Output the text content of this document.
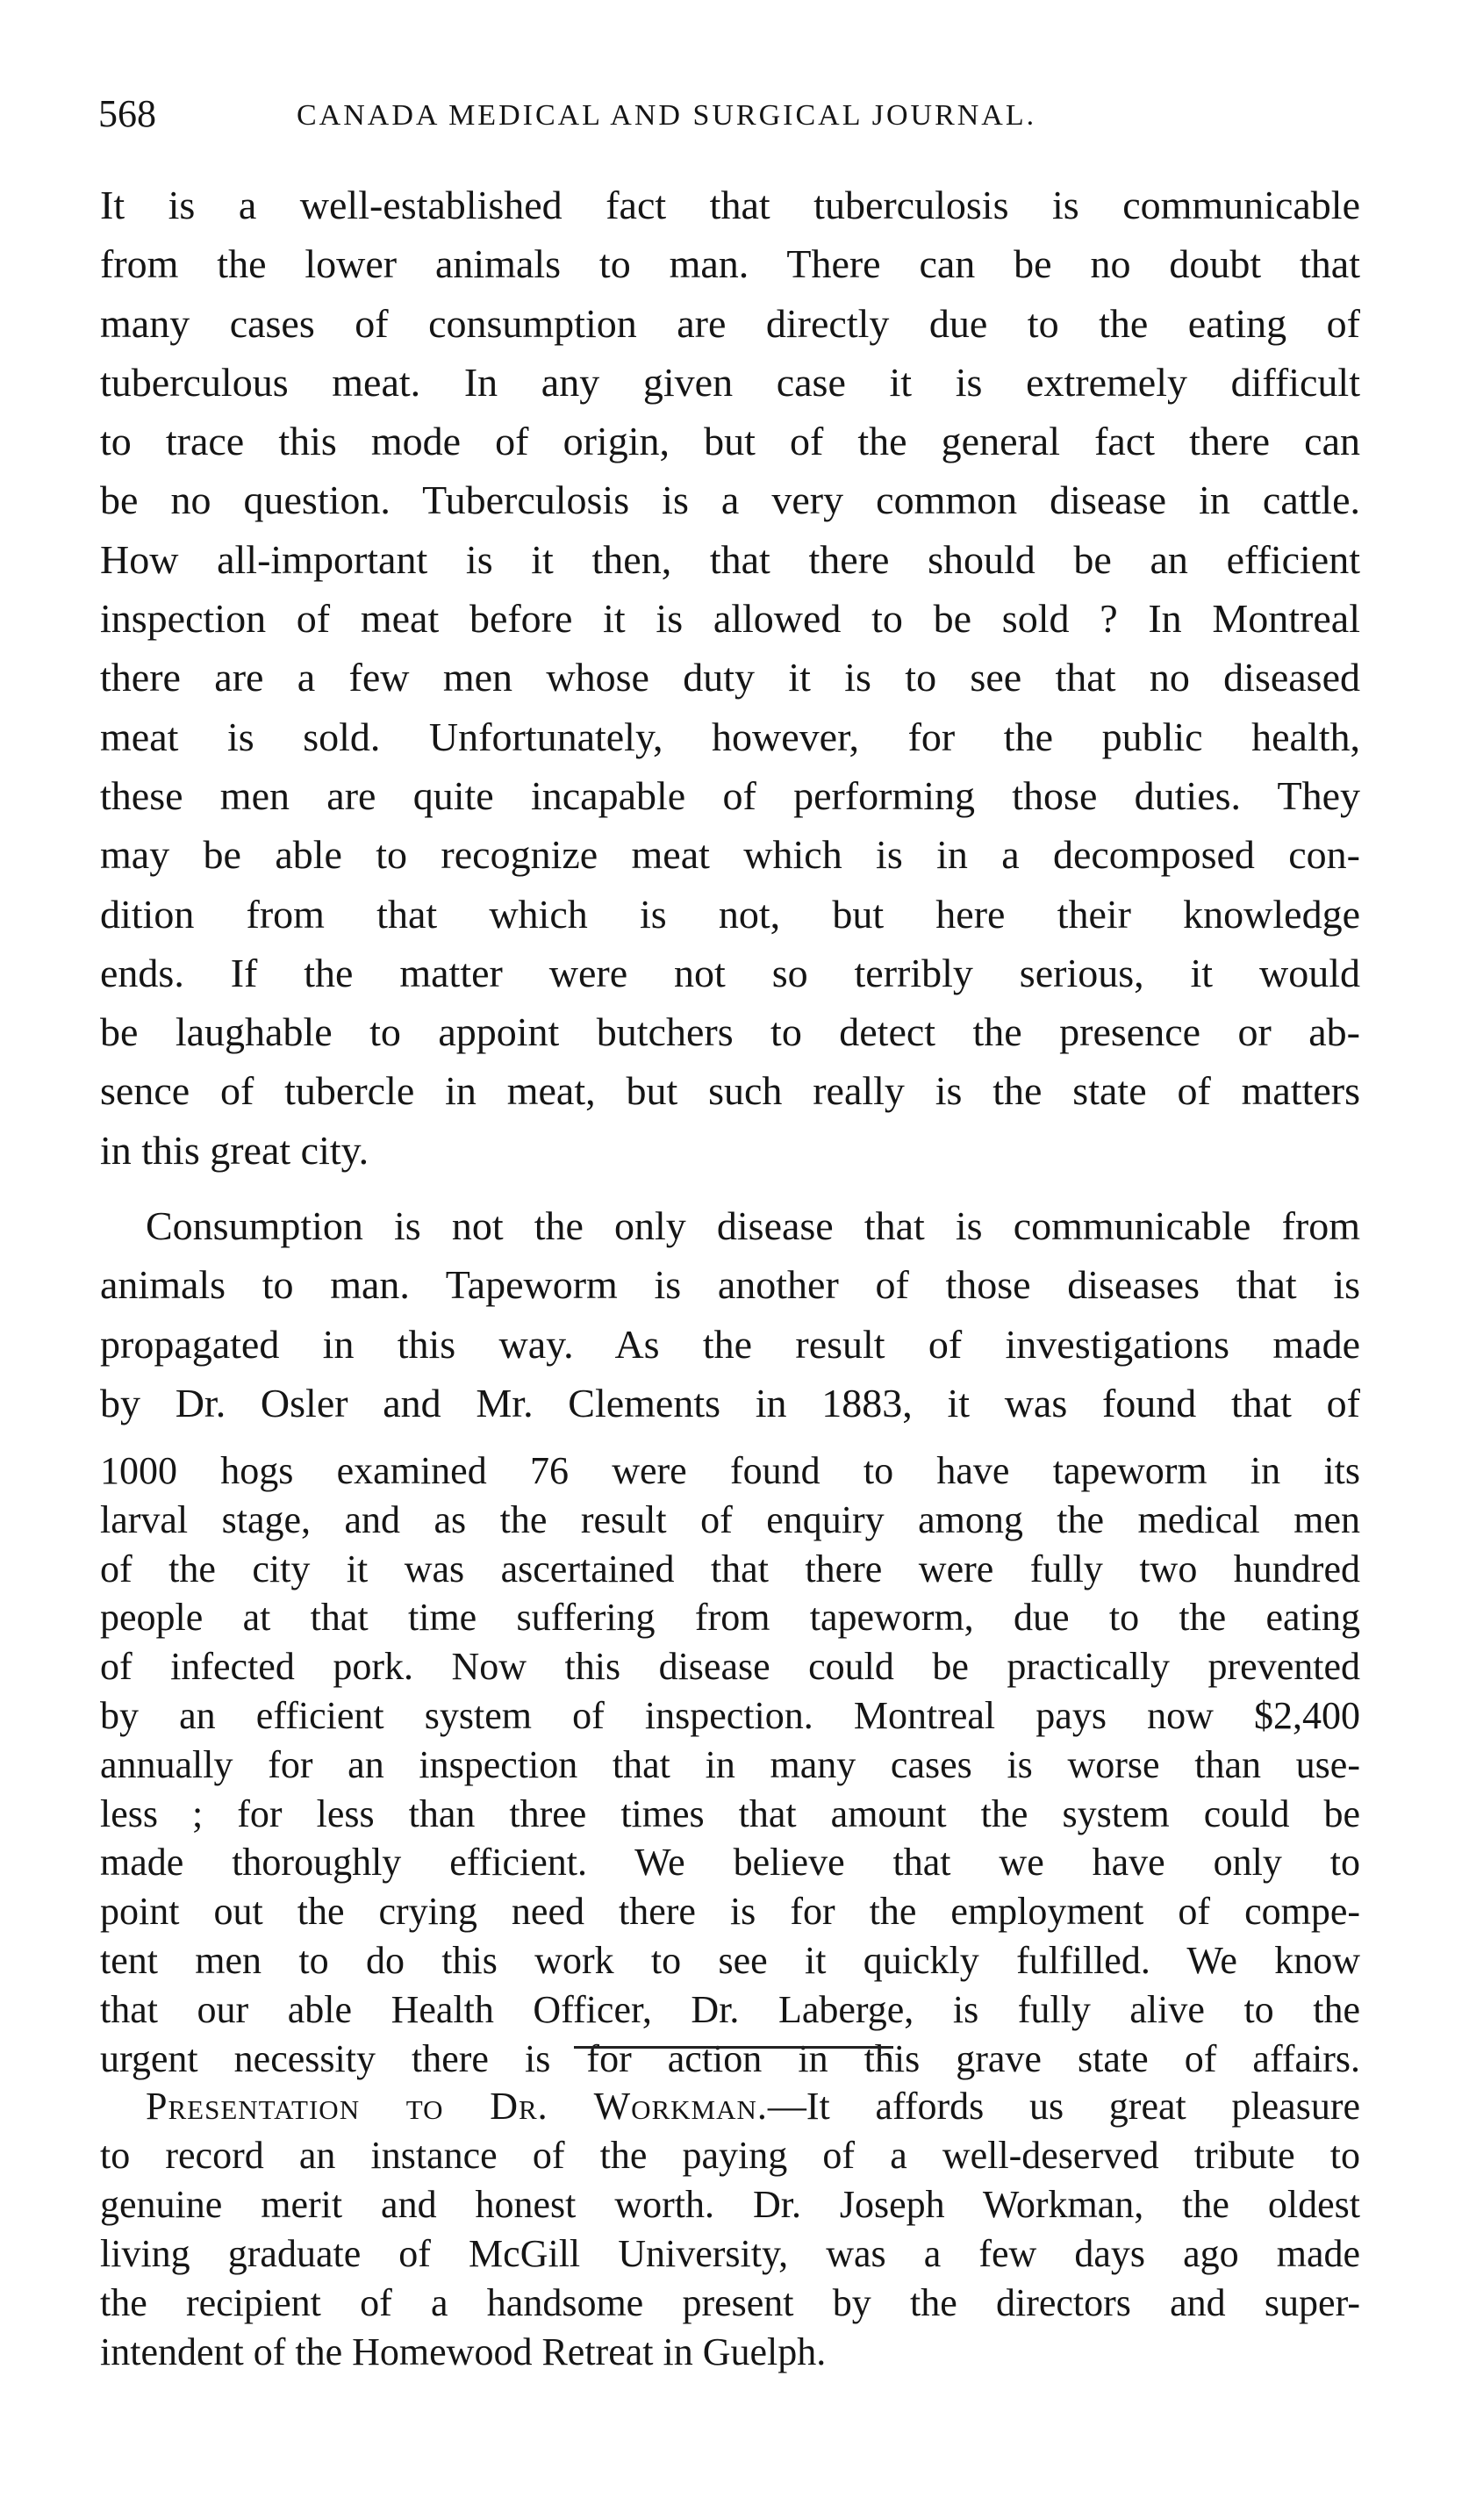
568	CANADA MEDICAL AND SURGICAL JOURNAL.
It is a well-established fact that tuberculosis is communicable
from the lower animals to man. There can be no doubt that
many cases of consumption are directly due to the eating of
tuberculous meat. In any given case it is extremely difficult
to trace this mode of origin, but of the general fact there can
be no question. Tuberculosis is a very common disease in cattle.
How all-important is it then, that there should be an efficient
inspection of meat before it is allowed to be sold ? In Montreal
there are a few men whose duty it is to see that no diseased
meat is sold. Unfortunately, however, for the public health,
these men are quite incapable of performing those duties. They
may be able to recognize meat which is in a decomposed con-
dition from that which is not, but here their knowledge
ends. If the matter were not so terribly serious, it would
be laughable to appoint butchers to detect the presence or ab-
sence of tubercle in meat, but such really is the state of matters
in this great city.
Consumption is not the only disease that is communicable from
animals to man. Tapeworm is another of those diseases that is
propagated in this way. As the result of investigations made
by Dr. Osler and Mr. Clements in 1883, it was found that of
1000 hogs examined 76 were found to have tapeworm in its
larval stage, and as the result of enquiry among the medical men
of the city it was ascertained that there were fully two hundred
people at that time suffering from tapeworm, due to the eating
of infected pork. Now this disease could be practically prevented
by an efficient system of inspection. Montreal pays now $2,400
annually for an inspection that in many cases is worse than use-
less ; for less than three times that amount the system could be
made thoroughly efficient. We believe that we have only to
point out the crying need there is for the employment of compe-
tent men to do this work to see it quickly fulfilled. We know
that our able Health Officer, Dr. Laberge, is fully alive to the
urgent necessity there is for action in this grave state of affairs.
Presentation to Dr. Workman.—It affords us great pleasure
to record an instance of the paying of a well-deserved tribute to
genuine merit and honest worth. Dr. Joseph Workman, the oldest
living graduate of McGill University, was a few days ago made
the recipient of a handsome present by the directors and super-
intendent of the Homewood Retreat in Guelph.
